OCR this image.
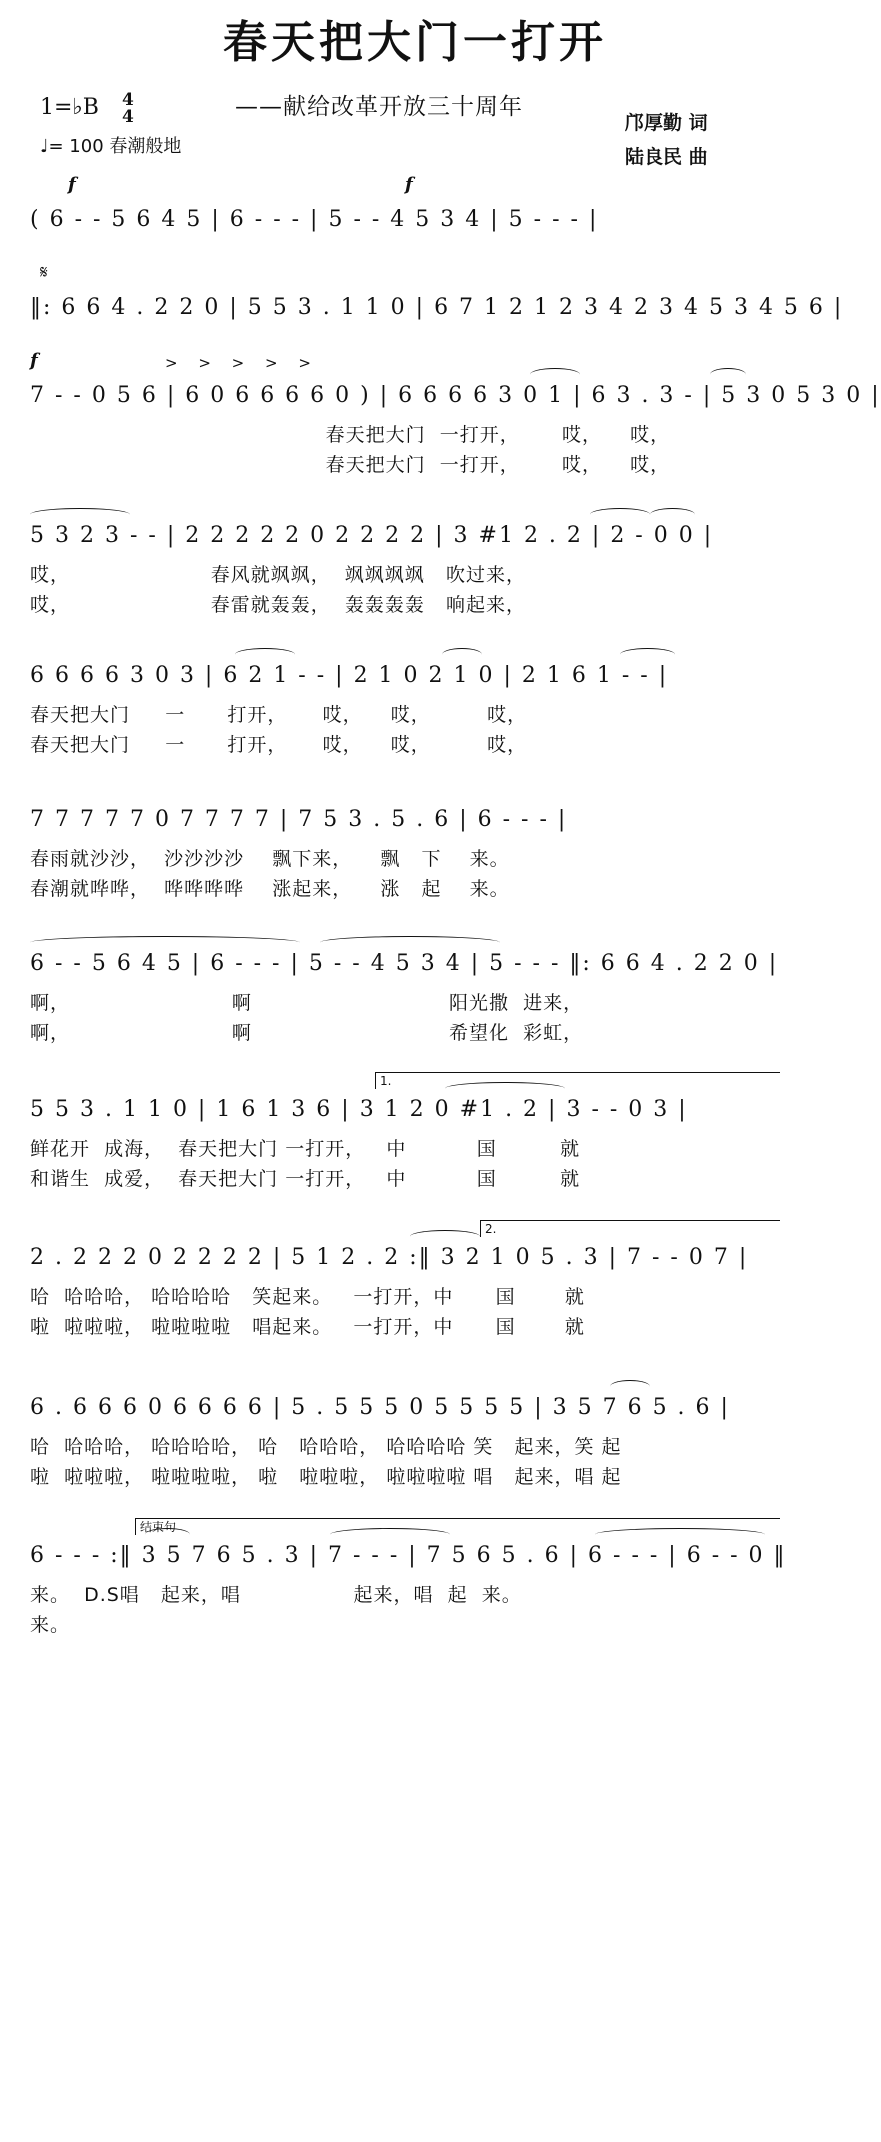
春天把大门一打开
——献给改革开放三十周年
1=♭B 4
4
♩= 100 春潮般地
邝厚勤 词
陆良民 曲
f	f
( 6 - - 5 6 4 5 | 6 - - - | 5 - - 4 5 3 4 | 5 - - - |
𝄋
‖: 6 6 4 . 2 2 0 | 5 5 3 . 1 1 0 | 6 7 1 2 1 2 3 4 2 3 4 5 3 4 5 6 |
f	> > > > >
7 - - 0 5 6 | 6 0 6 6 6 6 0 ) | 6 6 6 6 3 0 1 | 6 3 . 3 - | 5 3 0 5 3 0 |
春天把大门  一打开，      哎，    哎，
春天把大门  一打开，      哎，    哎，
5 3 2 3 - - | 2 2 2 2 2 0 2 2 2 2 | 3 #1 2 . 2 | 2 - 0 0 |
哎，                    春风就飒飒，  飒飒飒飒   吹过来，
哎，                    春雷就轰轰，  轰轰轰轰   响起来，
6 6 6 6 3 0 3 | 6 2 1 - - | 2 1 0 2 1 0 | 2 1 6 1 - - |
春天把大门     一      打开，     哎，    哎，        哎，
春天把大门     一      打开，     哎，    哎，        哎，
7 7 7 7 7 0 7 7 7 7 | 7 5 3 . 5 . 6 | 6 - - - |
春雨就沙沙，  沙沙沙沙    飘下来，    飘   下    来。
春潮就哗哗，  哗哗哗哗    涨起来，    涨   起    来。
6 - - 5 6 4 5 | 6 - - - | 5 - - 4 5 3 4 | 5 - - - ‖: 6 6 4 . 2 2 0 |
啊，                       啊                            阳光撒  进来，
啊，                       啊                            希望化  彩虹，
1.
5 5 3 . 1 1 0 | 1 6 1 3 6 | 3 1 2 0 #1 . 2 | 3 - - 0 3 |
鲜花开  成海，  春天把大门 一打开，   中          国         就
和谐生  成爱，  春天把大门 一打开，   中          国         就
2.
2 . 2 2 2 0 2 2 2 2 | 5 1 2 . 2 :‖ 3 2 1 0 5 . 3 | 7 - - 0 7 |
哈  哈哈哈， 哈哈哈哈   笑起来。   一打开，中      国       就
啦  啦啦啦， 啦啦啦啦   唱起来。   一打开，中      国       就
6 . 6 6 6 0 6 6 6 6 | 5 . 5 5 5 0 5 5 5 5 | 3 5 7 6 5 . 6 |
哈  哈哈哈， 哈哈哈哈， 哈   哈哈哈， 哈哈哈哈 笑   起来，笑 起
啦  啦啦啦， 啦啦啦啦， 啦   啦啦啦， 啦啦啦啦 唱   起来，唱 起
结束句
6 - - - :‖ 3 5 7 6 5 . 3 | 7 - - - | 7 5 6 5 . 6 | 6 - - - | 6 - - 0 ‖
来。  D.S唱   起来，唱                起来，唱  起  来。
来。
